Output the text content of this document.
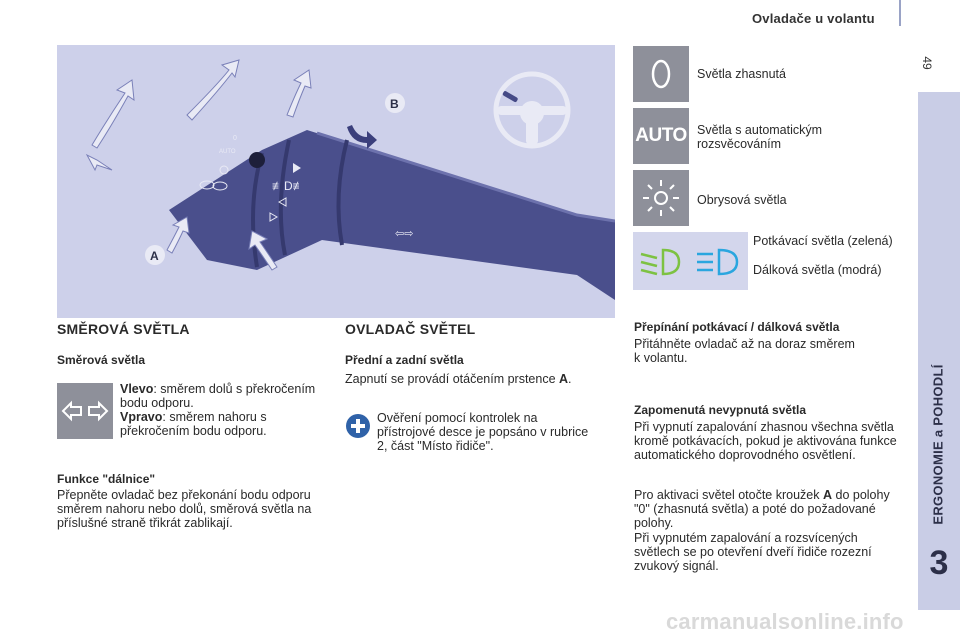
Ovladače u volantu
49
ERGONOMIE a POHODLÍ
3
0
AUTO
≢D≢
⇦⇨
B
A
Světla zhasnutá
AUTO Světla s automatickým rozsvěcováním
Obrysová světla
Potkávací světla (zelená)
Dálková světla (modrá)
SMĚROVÁ SVĚTLA
Směrová světla
Vlevo: směrem dolů s překročením bodu odporu.
Vpravo: směrem nahoru s překročením bodu odporu.
Funkce "dálnice"
Přepněte ovladač bez překonání bodu odporu směrem nahoru nebo dolů, směrová světla na příslušné straně třikrát zablikají.
OVLADAČ SVĚTEL
Přední a zadní světla
Zapnutí se provádí otáčením prstence A.
Ověření pomocí kontrolek na přístrojové desce je popsáno v rubrice 2, část "Místo řidiče".
Přepínání potkávací / dálková světla
Přitáhněte ovladač až na doraz směrem k volantu.
Zapomenutá nevypnutá světla
Při vypnutí zapalování zhasnou všechna světla kromě potkávacích, pokud je aktivována funkce automatického doprovodného osvětlení.
Pro aktivaci světel otočte kroužek A do polohy "0" (zhasnutá světla) a poté do požadované polohy.
Při vypnutém zapalování a rozsvícených světlech se po otevření dveří řidiče rozezní zvukový signál.
carmanualsonline.info
